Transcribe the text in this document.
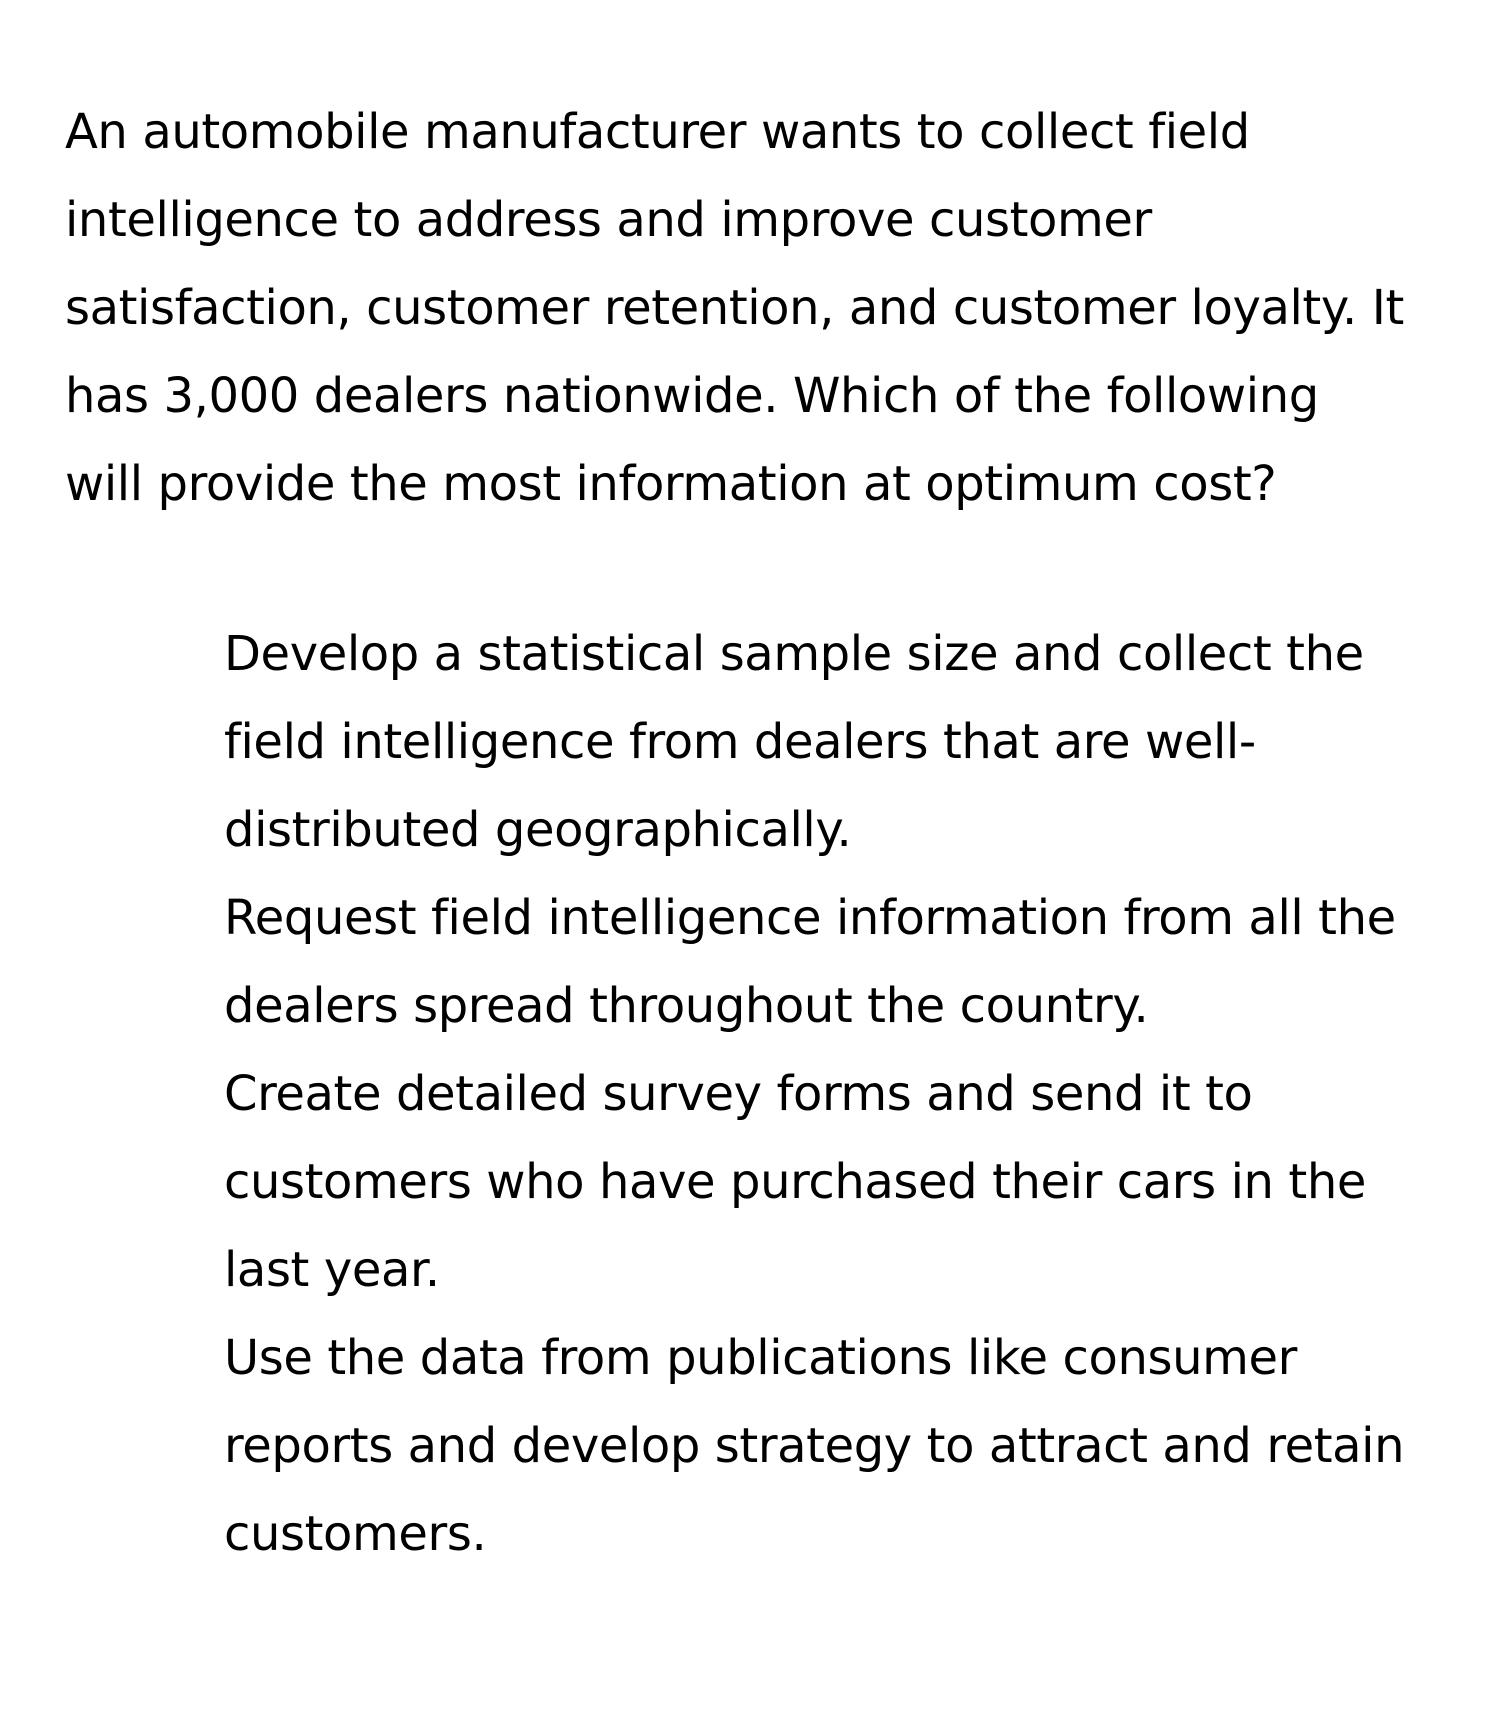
An automobile manufacturer wants to collect field intelligence to address and improve customer satisfaction, customer retention, and customer loyalty. It has 3,000 dealers nationwide. Which of the following will provide the most information at optimum cost?

Develop a statistical sample size and collect the field intelligence from dealers that are well-distributed geographically.
Request field intelligence information from all the dealers spread throughout the country.
Create detailed survey forms and send it to customers who have purchased their cars in the last year.
Use the data from publications like consumer reports and develop strategy to attract and retain customers.
